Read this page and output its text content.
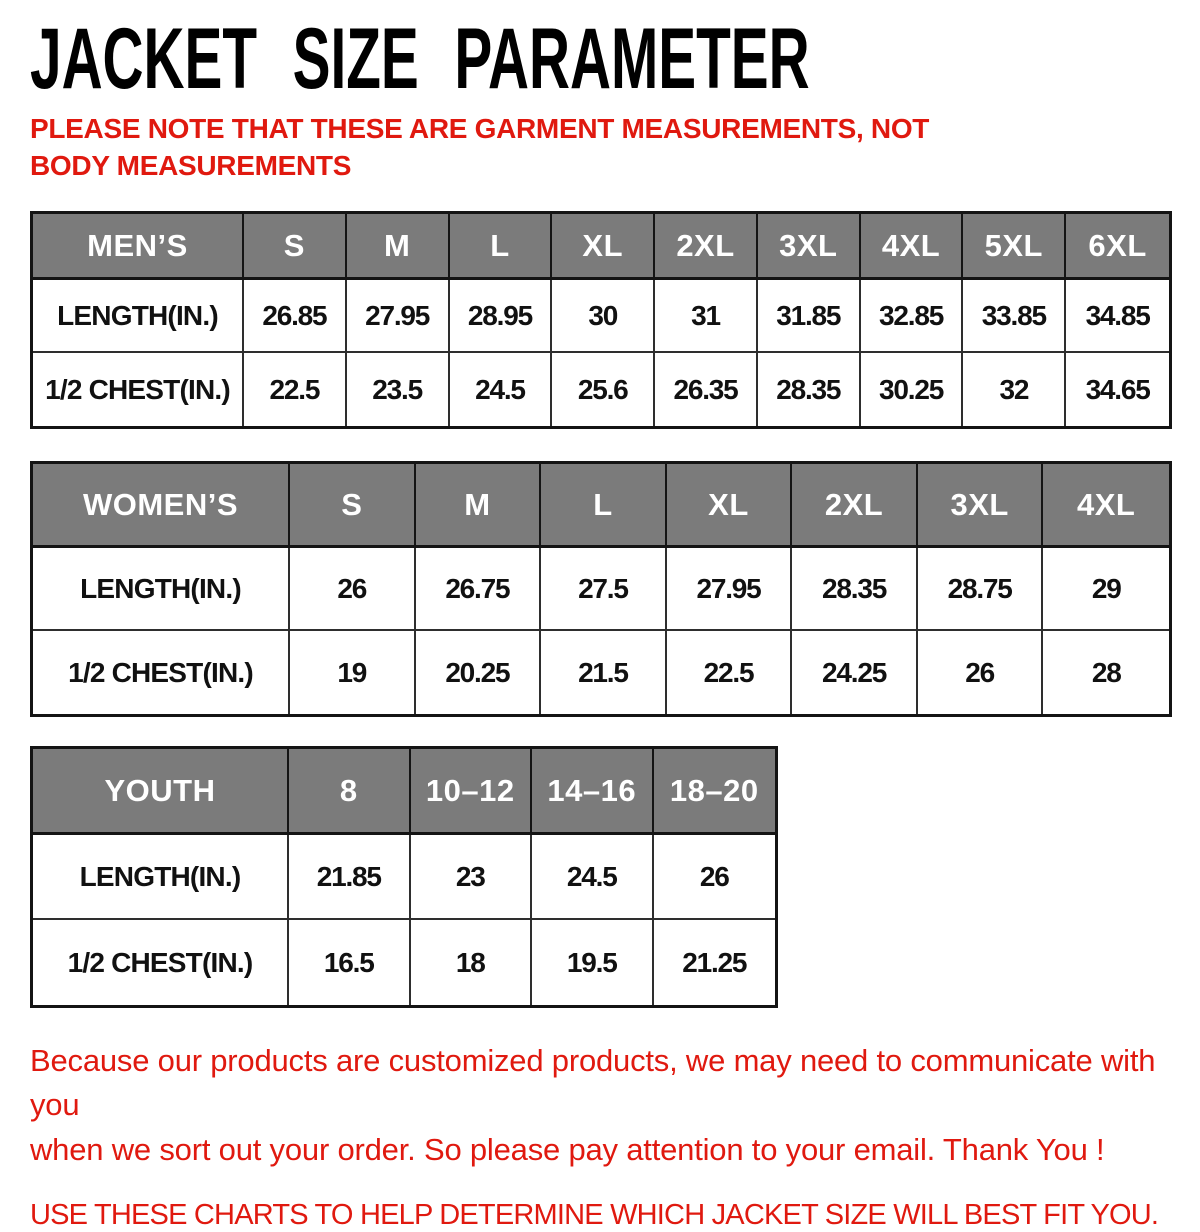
JACKET SIZE PARAMETER
PLEASE NOTE THAT THESE ARE GARMENT MEASUREMENTS, NOT BODY MEASUREMENTS
MEN’S	S	M	L	XL	2XL	3XL	4XL	5XL	6XL
LENGTH(IN.)	26.85	27.95	28.95	30	31	31.85	32.85	33.85	34.85
1/2 CHEST(IN.)	22.5	23.5	24.5	25.6	26.35	28.35	30.25	32	34.65
WOMEN’S	S	M	L	XL	2XL	3XL	4XL
LENGTH(IN.)	26	26.75	27.5	27.95	28.35	28.75	29
1/2 CHEST(IN.)	19	20.25	21.5	22.5	24.25	26	28
YOUTH	8	10–12	14–16	18–20
LENGTH(IN.)	21.85	23	24.5	26
1/2 CHEST(IN.)	16.5	18	19.5	21.25
Because our products are customized products, we may need to communicate with you
when we sort out your order. So please pay attention to your email. Thank You !
USE THESE CHARTS TO HELP DETERMINE WHICH JACKET SIZE WILL BEST FIT YOU.
